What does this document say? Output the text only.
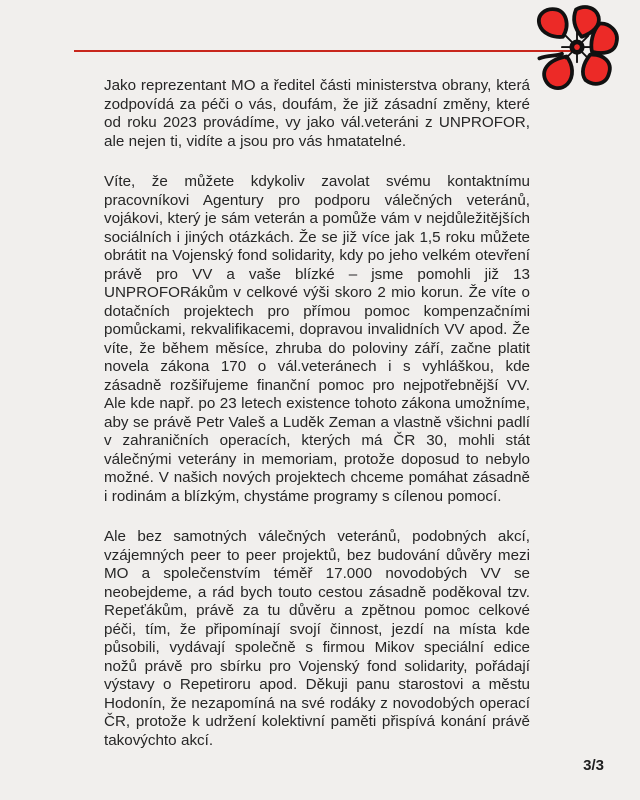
Jako reprezentant MO a ředitel části ministerstva obrany, která zodpovídá za péči o vás, doufám, že již zásadní změny, které od roku 2023 provádíme, vy jako vál.veteráni z UNPROFOR, ale nejen ti, vidíte a jsou pro vás hmatatelné.

Víte, že můžete kdykoliv zavolat svému kontaktnímu pracovníkovi Agentury pro podporu válečných veteránů, vojákovi, který je sám veterán a pomůže vám v nejdůležitějších sociálních i jiných otázkách. Že se již více jak 1,5 roku můžete obrátit na Vojenský fond solidarity, kdy po jeho velkém otevření právě pro VV a vaše blízké – jsme pomohli již 13 UNPROFORákům v celkové výši skoro 2 mio korun. Že víte o dotačních projektech pro přímou pomoc kompenzačními pomůckami, rekvalifikacemi, dopravou invalidních VV apod. Že víte, že během měsíce, zhruba do poloviny září, začne platit novela zákona 170 o vál.veteránech i s vyhláškou, kde zásadně rozšiřujeme finanční pomoc pro nejpotřebnější VV. Ale kde např. po 23 letech existence tohoto zákona umožníme, aby se právě Petr Valeš a Luděk Zeman a vlastně všichni padlí v zahraničních operacích, kterých má ČR 30, mohli stát válečnými veterány in memoriam, protože doposud to nebylo možné. V našich nových projektech chceme pomáhat zásadně i rodinám a blízkým, chystáme programy s cílenou pomocí.

Ale bez samotných válečných veteránů, podobných akcí, vzájemných peer to peer projektů, bez budování důvěry mezi MO a společenstvím téměř 17.000 novodobých VV se neobejdeme, a rád bych touto cestou zásadně poděkoval tzv. Repeťákům, právě za tu důvěru a zpětnou pomoc celkové péči, tím, že připomínají svojí činnost, jezdí na místa kde působili, vydávají společně s firmou Mikov speciální edice nožů právě pro sbírku pro Vojenský fond solidarity, pořádají výstavy o Repetiroru apod. Děkuji panu starostovi a městu Hodonín, že nezapomíná na své rodáky z novodobých operací ČR, protože k udržení kolektivní paměti přispívá konání právě takovýchto akcí.

3/3
